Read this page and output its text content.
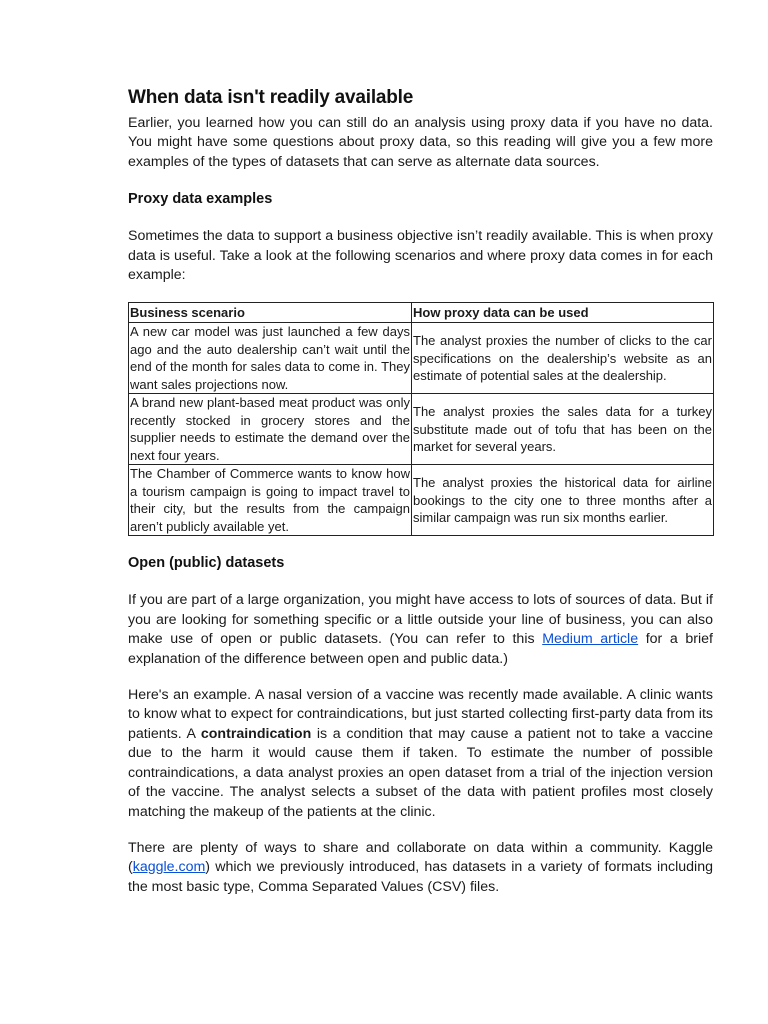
When data isn't readily available

Earlier, you learned how you can still do an analysis using proxy data if you have no data. You might have some questions about proxy data, so this reading will give you a few more examples of the types of datasets that can serve as alternate data sources.

Proxy data examples

Sometimes the data to support a business objective isn’t readily available. This is when proxy data is useful. Take a look at the following scenarios and where proxy data comes in for each example:

Business scenario	How proxy data can be used
A new car model was just launched a few days ago and the auto dealership can’t wait until the end of the month for sales data to come in. They want sales projections now.	The analyst proxies the number of clicks to the car specifications on the dealership’s website as an estimate of potential sales at the dealership.
A brand new plant-based meat product was only recently stocked in grocery stores and the supplier needs to estimate the demand over the next four years.	The analyst proxies the sales data for a turkey substitute made out of tofu that has been on the market for several years.
The Chamber of Commerce wants to know how a tourism campaign is going to impact travel to their city, but the results from the campaign aren’t publicly available yet.	The analyst proxies the historical data for airline bookings to the city one to three months after a similar campaign was run six months earlier.
Open (public) datasets

If you are part of a large organization, you might have access to lots of sources of data. But if you are looking for something specific or a little outside your line of business, you can also make use of open or public datasets. (You can refer to this Medium article for a brief explanation of the difference between open and public data.)

Here's an example. A nasal version of a vaccine was recently made available. A clinic wants to know what to expect for contraindications, but just started collecting first-party data from its patients. A contraindication is a condition that may cause a patient not to take a vaccine due to the harm it would cause them if taken. To estimate the number of possible contraindications, a data analyst proxies an open dataset from a trial of the injection version of the vaccine. The analyst selects a subset of the data with patient profiles most closely matching the makeup of the patients at the clinic.

There are plenty of ways to share and collaborate on data within a community. Kaggle (kaggle.com) which we previously introduced, has datasets in a variety of formats including the most basic type, Comma Separated Values (CSV) files.
